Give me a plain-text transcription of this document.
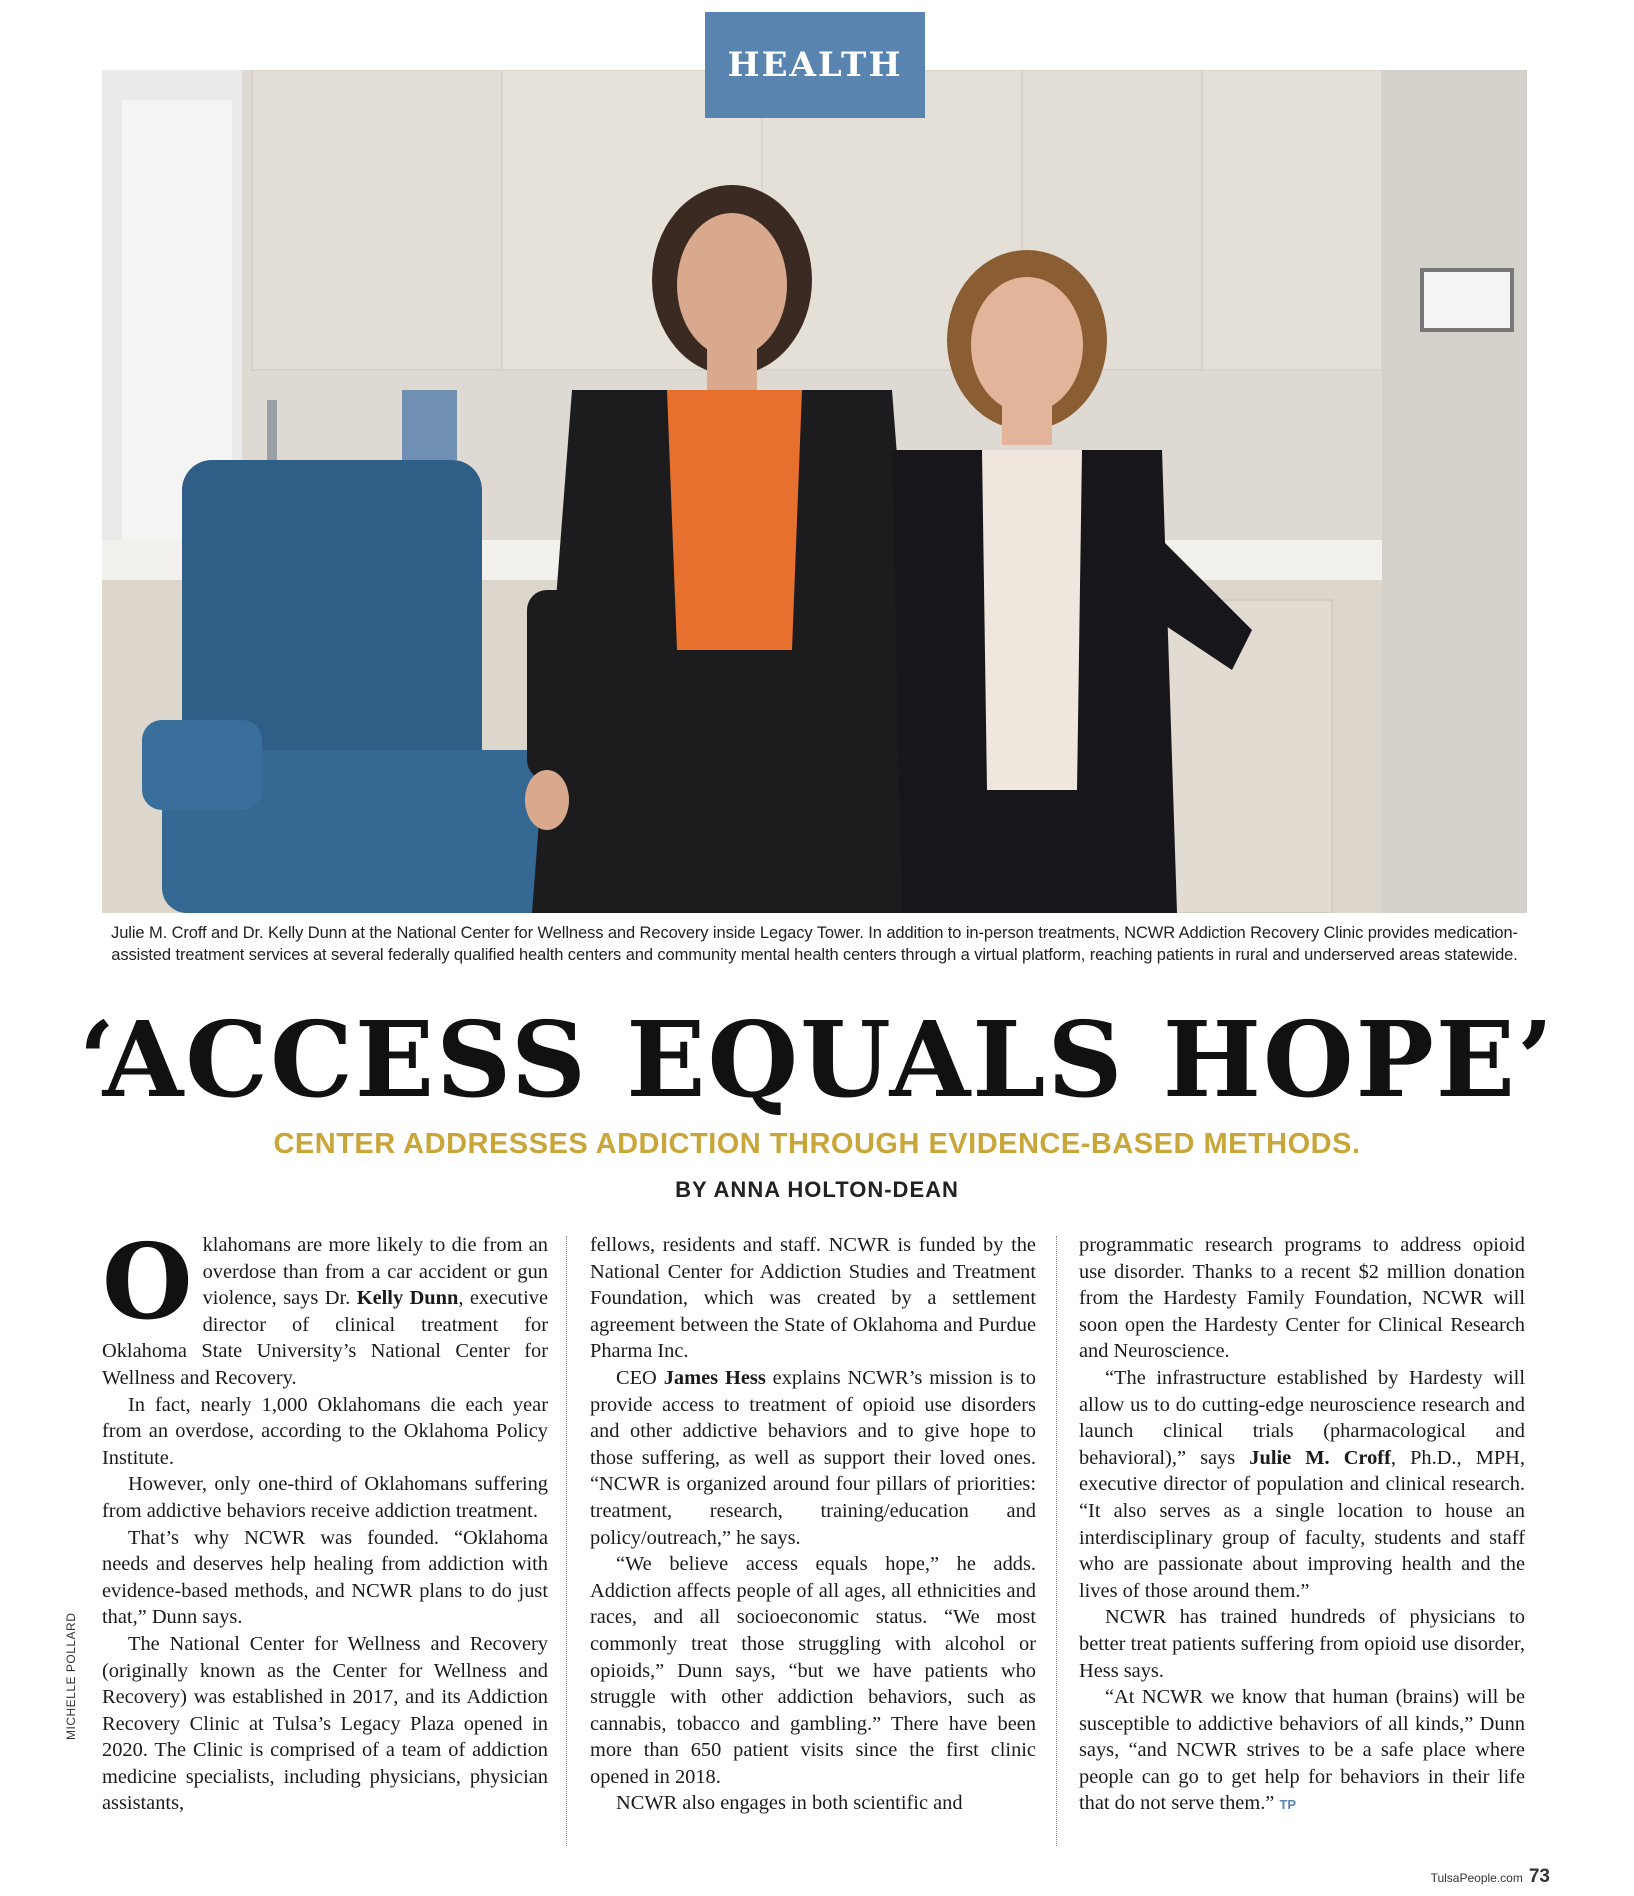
HEALTH
Julie M. Croff and Dr. Kelly Dunn at the National Center for Wellness and Recovery inside Legacy Tower. In addition to in-person treatments, NCWR Addiction Recovery Clinic provides medication-assisted treatment services at several federally qualified health centers and community mental health centers through a virtual platform, reaching patients in rural and underserved areas statewide.
‘ACCESS EQUALS HOPE’
CENTER ADDRESSES ADDICTION THROUGH EVIDENCE-BASED METHODS.
BY ANNA HOLTON-DEAN
MICHELLE POLLARD

Oklahomans are more likely to die from an overdose than from a car accident or gun violence, says Dr. Kelly Dunn, executive director of clinical treatment for Oklahoma State University’s National Center for Wellness and Recovery.

In fact, nearly 1,000 Oklahomans die each year from an overdose, according to the Oklahoma Policy Institute.

However, only one-third of Oklahomans suffering from addictive behaviors receive addiction treatment.

That’s why NCWR was founded. “Oklahoma needs and deserves help healing from addiction with evidence-based methods, and NCWR plans to do just that,” Dunn says.

The National Center for Wellness and Recovery (originally known as the Center for Wellness and Recovery) was established in 2017, and its Addiction Recovery Clinic at Tulsa’s Legacy Plaza opened in 2020. The Clinic is comprised of a team of addiction medicine specialists, including physicians, physician assistants,

fellows, residents and staff. NCWR is funded by the National Center for Addiction Studies and Treatment Foundation, which was created by a settlement agreement between the State of Oklahoma and Purdue Pharma Inc.

CEO James Hess explains NCWR’s mission is to provide access to treatment of opioid use disorders and other addictive behaviors and to give hope to those suffering, as well as support their loved ones. “NCWR is organized around four pillars of priorities: treatment, research, training/education and policy/outreach,” he says.

“We believe access equals hope,” he adds. Addiction affects people of all ages, all ethnicities and races, and all socioeconomic status. “We most commonly treat those struggling with alcohol or opioids,” Dunn says, “but we have patients who struggle with other addiction behaviors, such as cannabis, tobacco and gambling.” There have been more than 650 patient visits since the first clinic opened in 2018.

NCWR also engages in both scientific and

programmatic research programs to address opioid use disorder. Thanks to a recent $2 million donation from the Hardesty Family Foundation, NCWR will soon open the Hardesty Center for Clinical Research and Neuroscience.

“The infrastructure established by Hardesty will allow us to do cutting-edge neuroscience research and launch clinical trials (pharmacological and behavioral),” says Julie M. Croff, Ph.D., MPH, executive director of population and clinical research. “It also serves as a single location to house an interdisciplinary group of faculty, students and staff who are passionate about improving health and the lives of those around them.”

NCWR has trained hundreds of physicians to better treat patients suffering from opioid use disorder, Hess says.

“At NCWR we know that human (brains) will be susceptible to addictive behaviors of all kinds,” Dunn says, “and NCWR strives to be a safe place where people can go to get help for behaviors in their life that do not serve them.” TP

TulsaPeople.com 73
